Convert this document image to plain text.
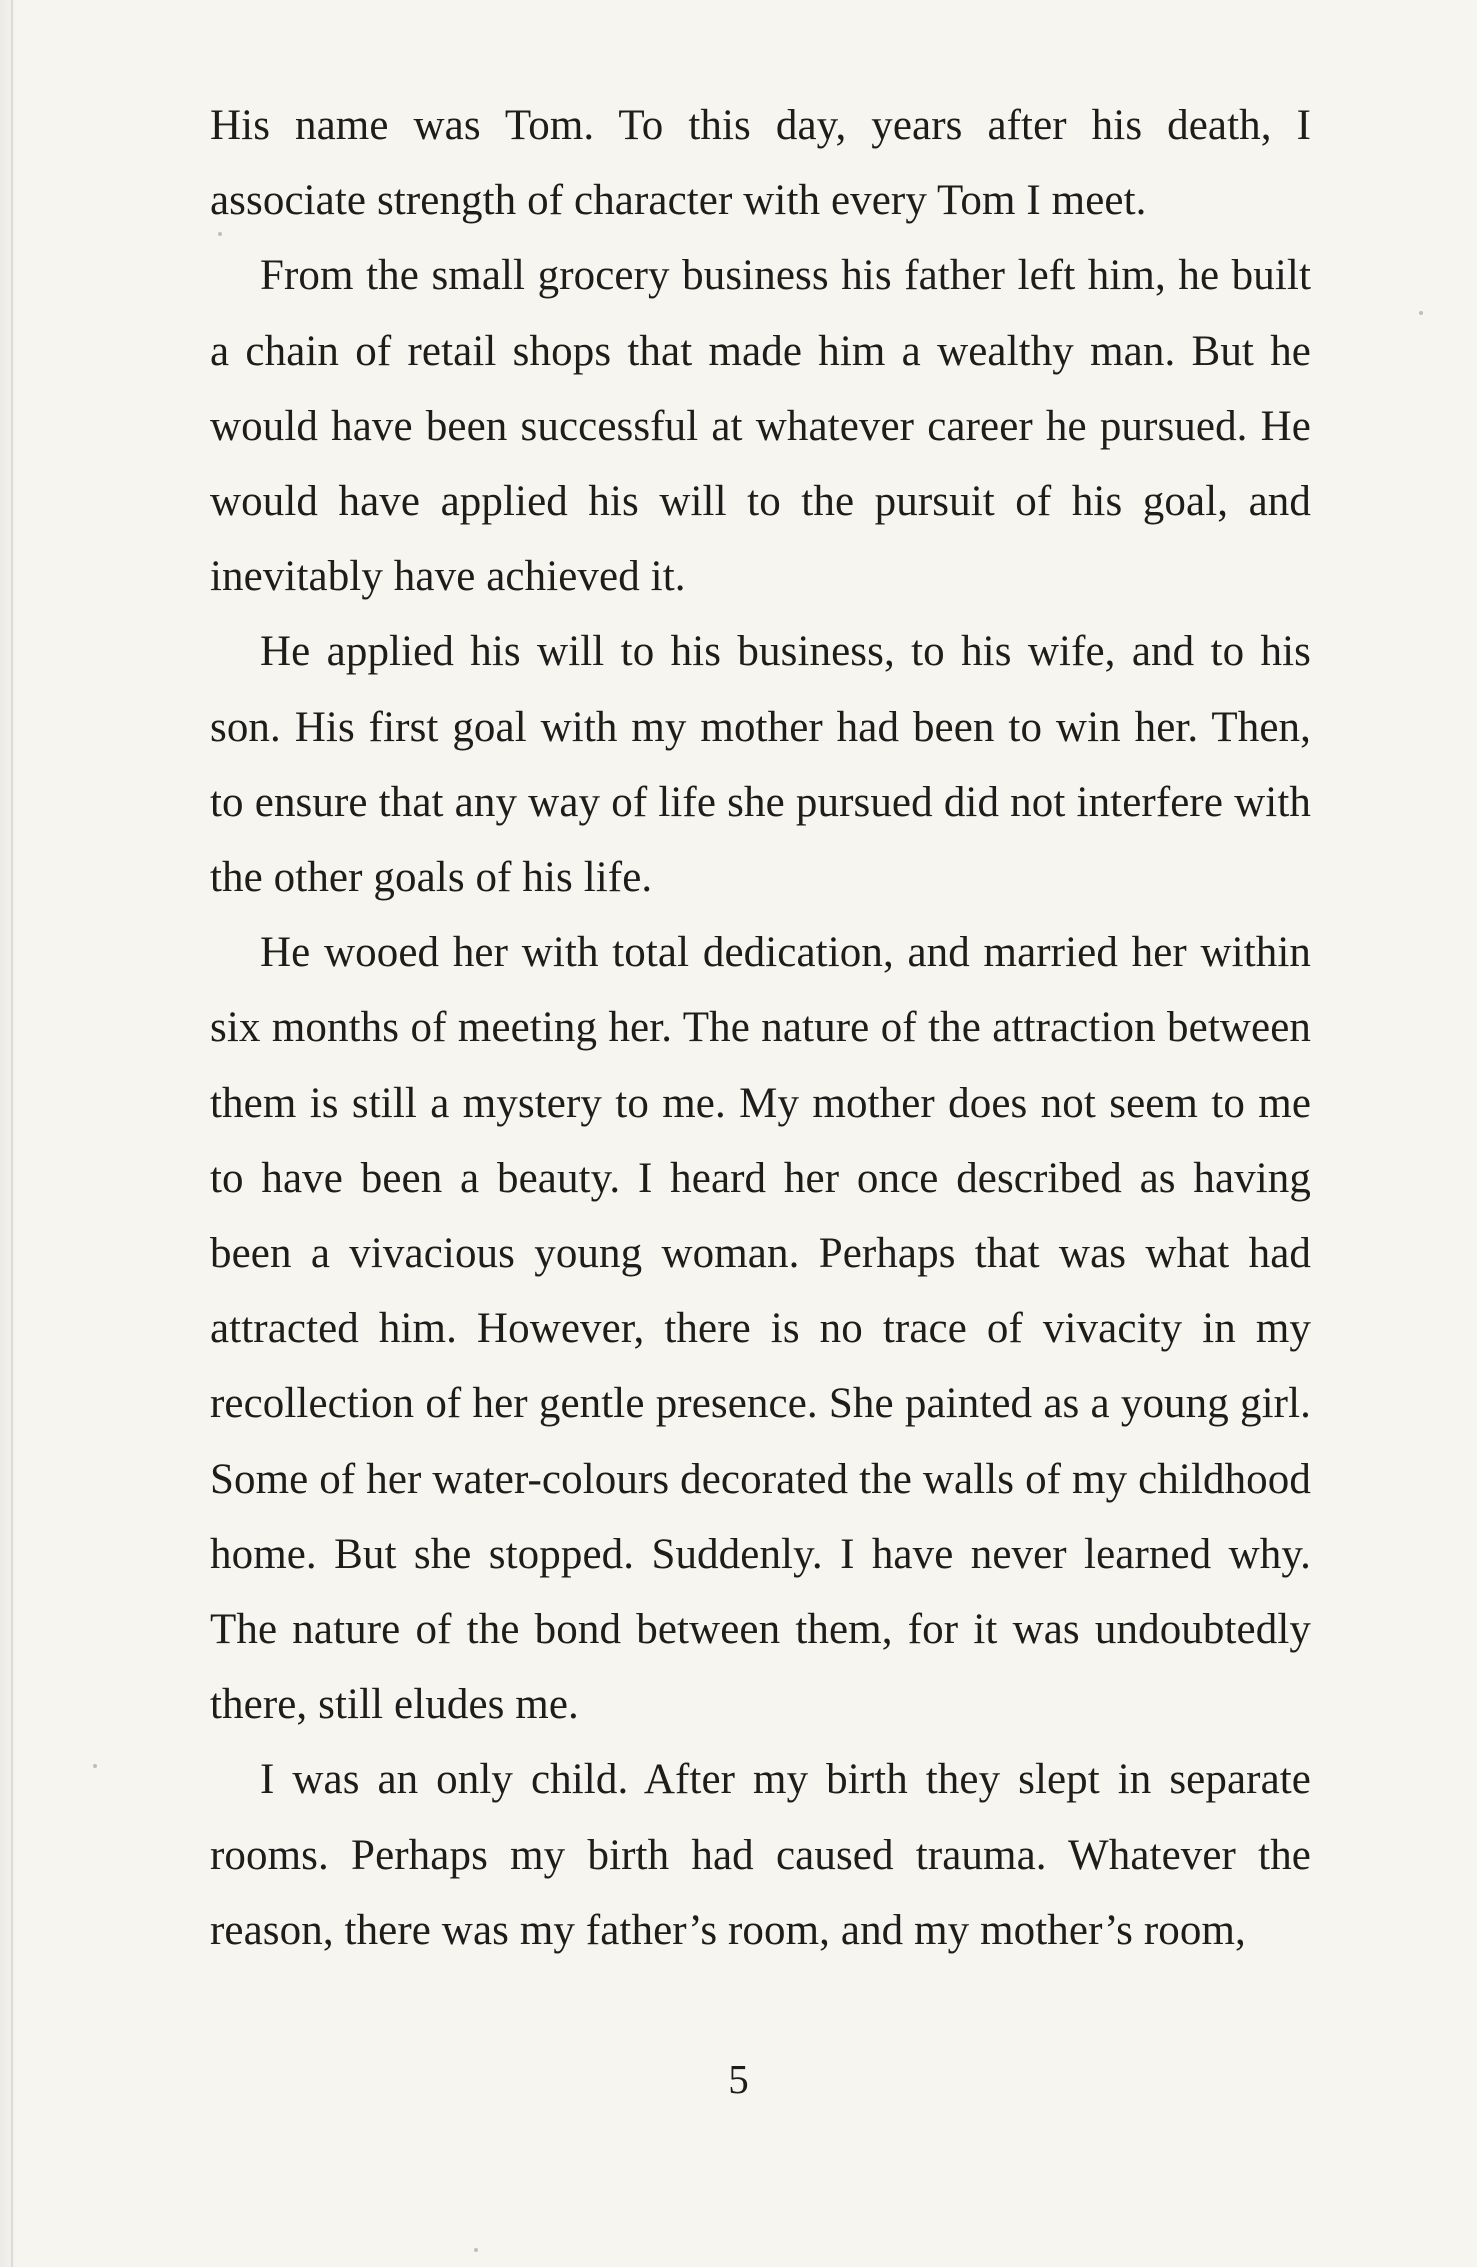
His name was Tom. To this day, years after his death, I associate strength of character with every Tom I meet.

From the small grocery business his father left him, he built a chain of retail shops that made him a wealthy man. But he would have been successful at whatever career he pursued. He would have applied his will to the pursuit of his goal, and inevitably have achieved it.

He applied his will to his business, to his wife, and to his son. His first goal with my mother had been to win her. Then, to ensure that any way of life she pursued did not interfere with the other goals of his life.

He wooed her with total dedication, and married her within six months of meeting her. The nature of the attraction between them is still a mystery to me. My mother does not seem to me to have been a beauty. I heard her once described as having been a vivacious young woman. Perhaps that was what had attracted him. However, there is no trace of vivacity in my recollection of her gentle presence. She painted as a young girl. Some of her water-colours decorated the walls of my childhood home. But she stopped. Suddenly. I have never learned why. The nature of the bond between them, for it was undoubtedly there, still eludes me.

I was an only child. After my birth they slept in separate rooms. Perhaps my birth had caused trauma. Whatever the reason, there was my father’s room, and my mother’s room,

5
